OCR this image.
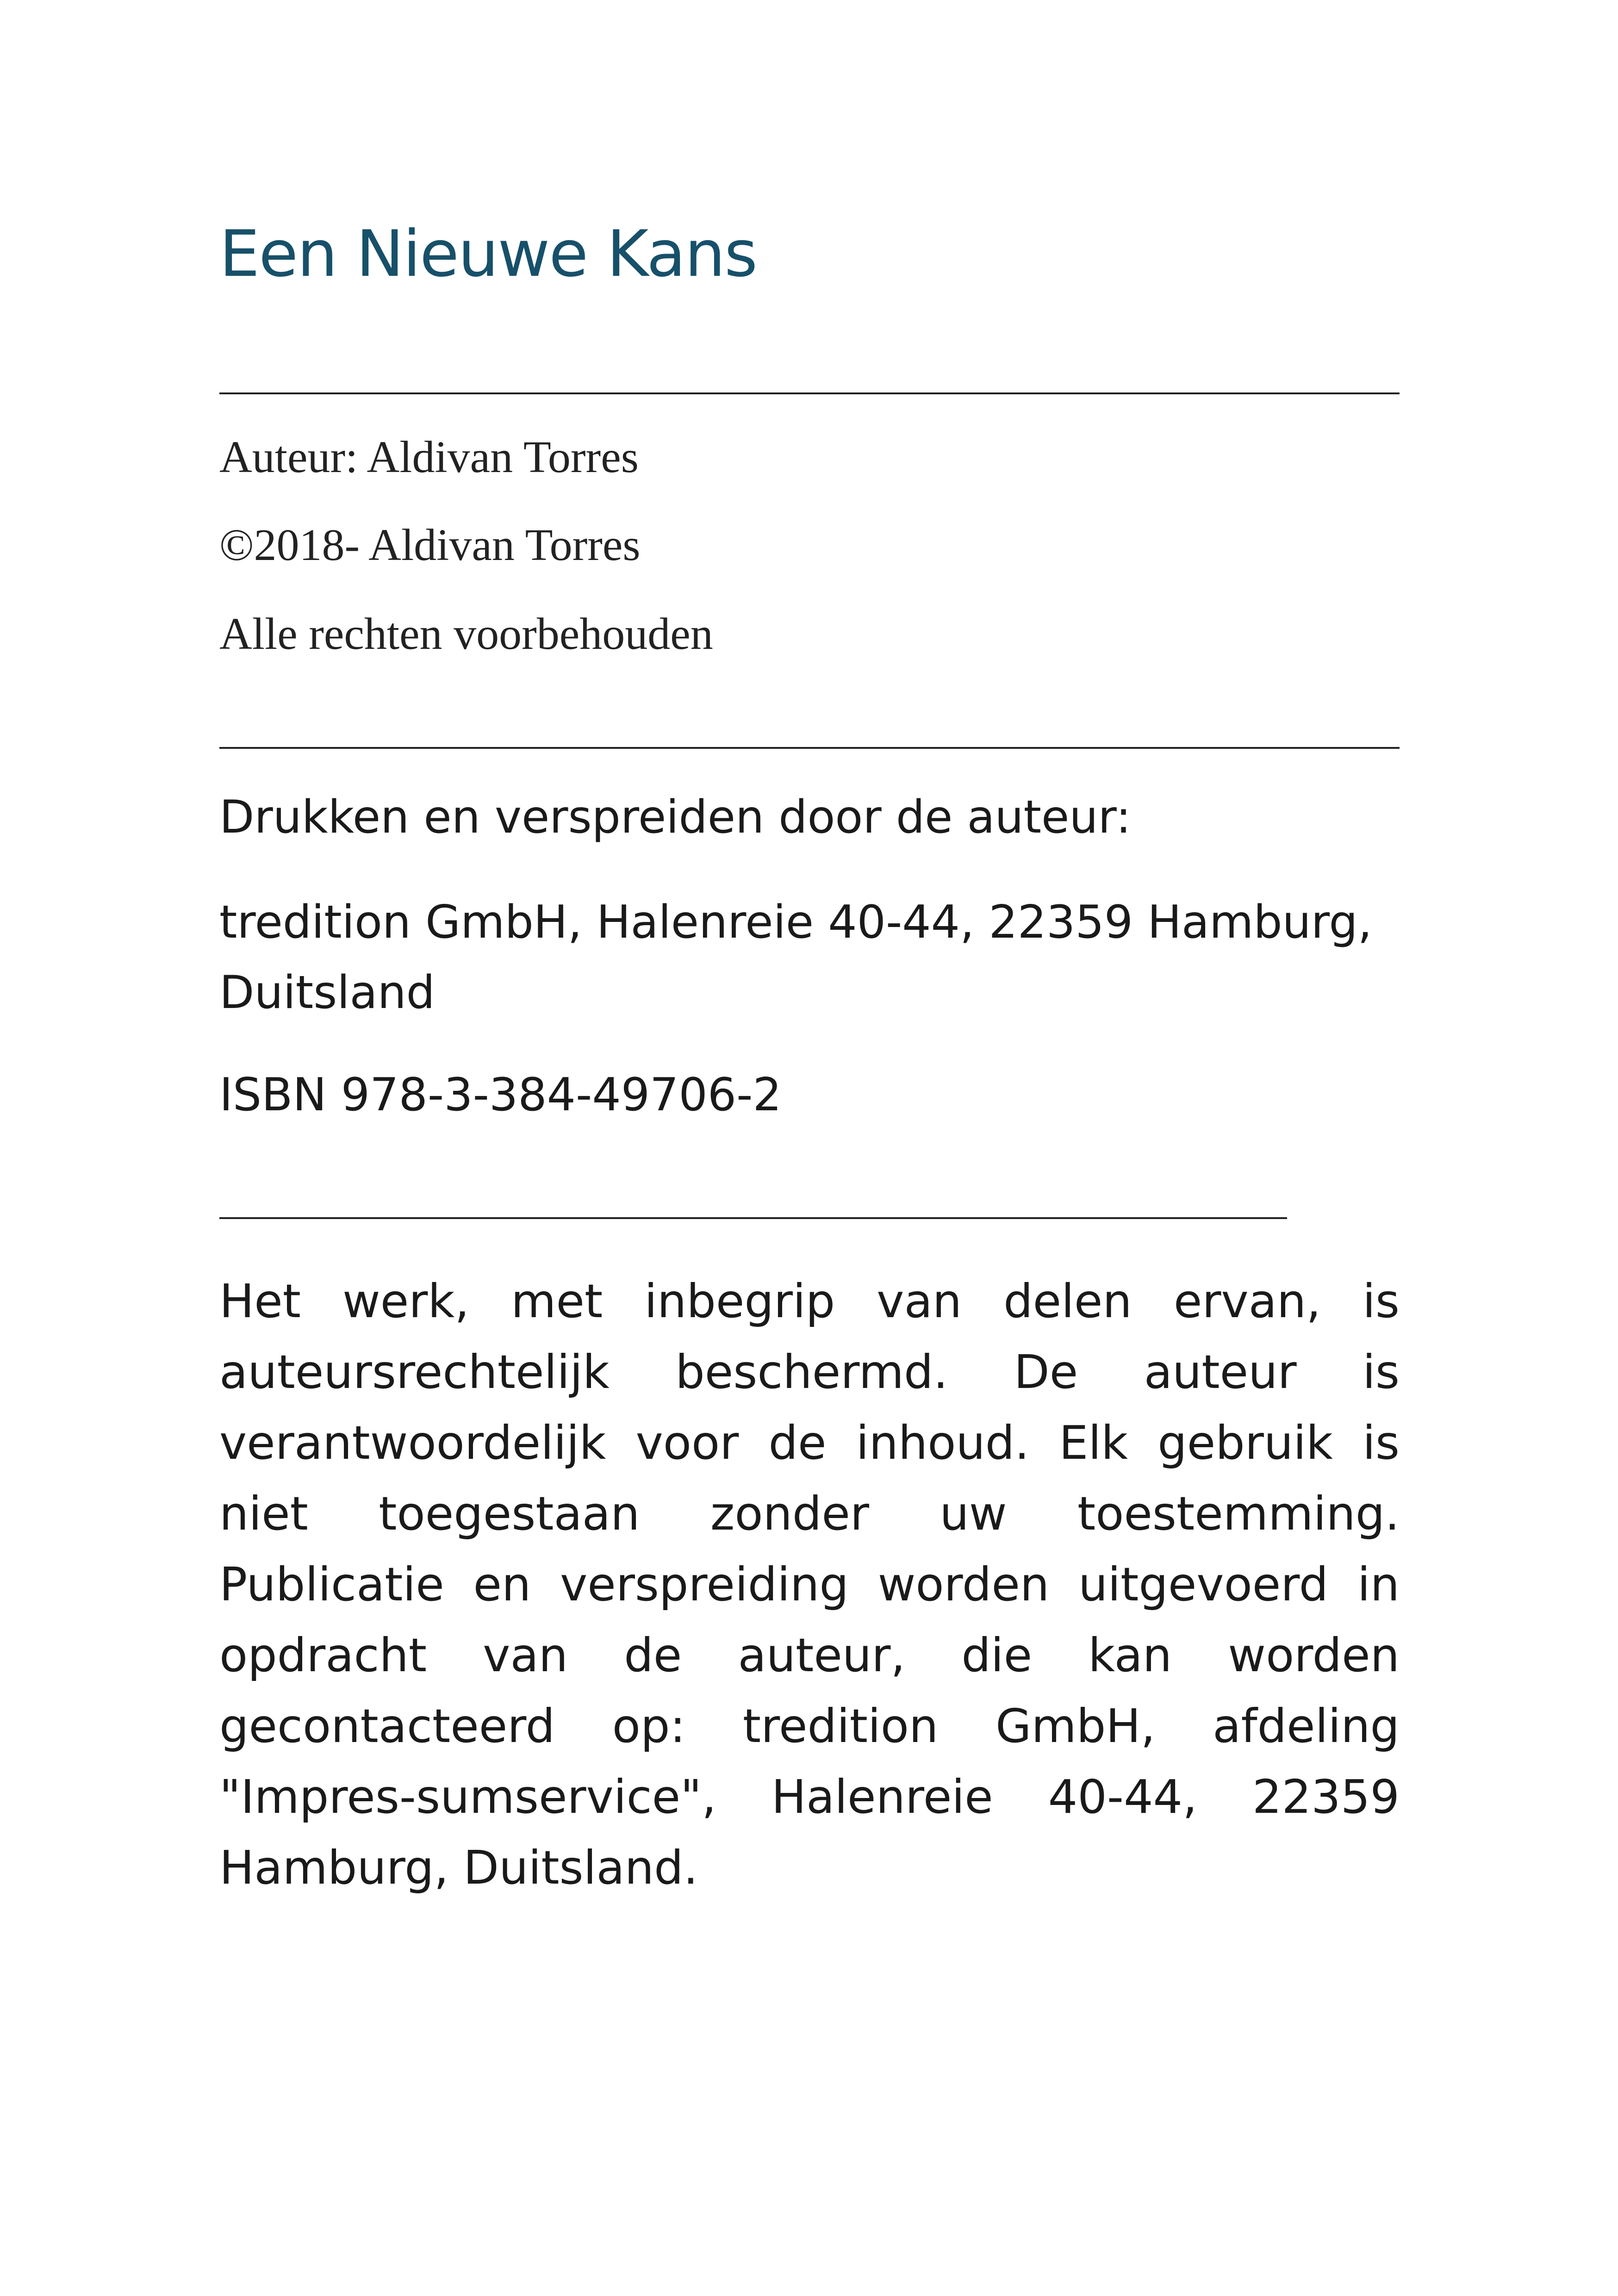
Een Nieuwe Kans

Auteur: Aldivan Torres

©2018- Aldivan Torres

Alle rechten voorbehouden

Drukken en verspreiden door de auteur:

tredition GmbH, Halenreie 40-44, 22359 Hamburg, Duitsland

ISBN 978-3-384-49706-2

Het werk, met inbegrip van delen ervan, is auteursrechtelijk beschermd. De auteur is verantwoordelijk voor de inhoud. Elk gebruik is niet toegestaan zonder uw toestemming. Publicatie en verspreiding worden uitgevoerd in opdracht van de auteur, die kan worden gecontacteerd op: tredition GmbH, afdeling "Impres-sumservice", Halenreie 40-44, 22359 Hamburg, Duitsland.
